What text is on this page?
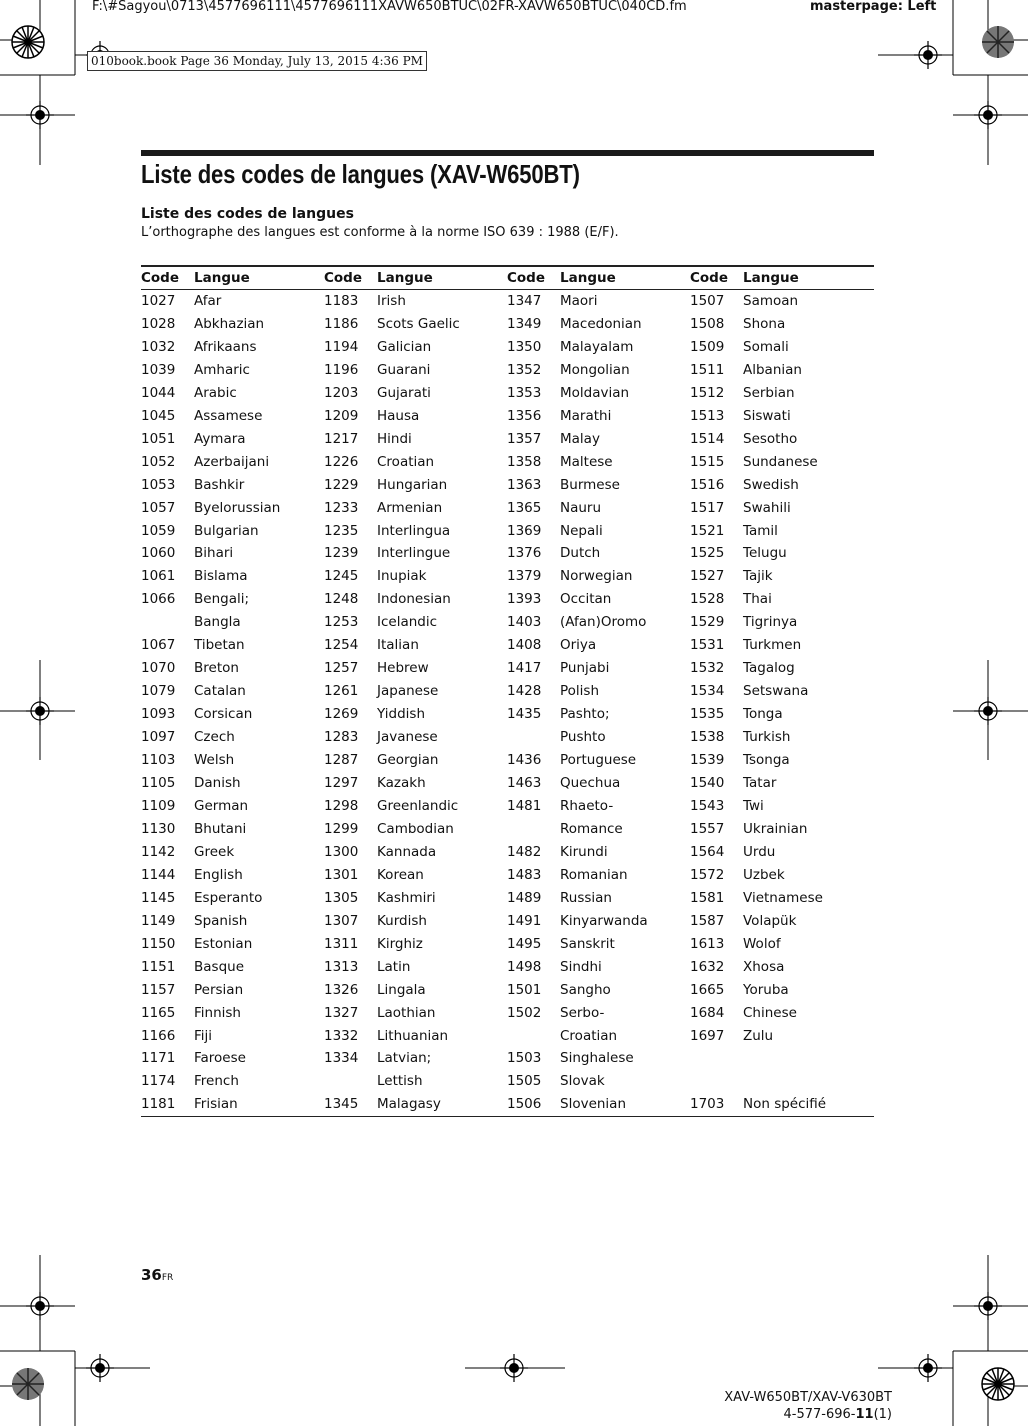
F:\#Sagyou\0713\4577696111\4577696111XAVW650BTUC\02FR-XAVW650BTUC\040CD.fm	masterpage: Left
010book.book Page 36 Monday, July 13, 2015 4:36 PM
Liste des codes de langues (XAV-W650BT)
Liste des codes de langues
L’orthographe des langues est conforme à la norme ISO 639 : 1988 (E/F).
Code	Langue	Code	Langue	Code	Langue	Code	Langue
1027	Afar	1183	Irish	1347	Maori	1507	Samoan
1028	Abkhazian	1186	Scots Gaelic	1349	Macedonian	1508	Shona
1032	Afrikaans	1194	Galician	1350	Malayalam	1509	Somali
1039	Amharic	1196	Guarani	1352	Mongolian	1511	Albanian
1044	Arabic	1203	Gujarati	1353	Moldavian	1512	Serbian
1045	Assamese	1209	Hausa	1356	Marathi	1513	Siswati
1051	Aymara	1217	Hindi	1357	Malay	1514	Sesotho
1052	Azerbaijani	1226	Croatian	1358	Maltese	1515	Sundanese
1053	Bashkir	1229	Hungarian	1363	Burmese	1516	Swedish
1057	Byelorussian	1233	Armenian	1365	Nauru	1517	Swahili
1059	Bulgarian	1235	Interlingua	1369	Nepali	1521	Tamil
1060	Bihari	1239	Interlingue	1376	Dutch	1525	Telugu
1061	Bislama	1245	Inupiak	1379	Norwegian	1527	Tajik
1066	Bengali;	1248	Indonesian	1393	Occitan	1528	Thai
	Bangla	1253	Icelandic	1403	(Afan)Oromo	1529	Tigrinya
1067	Tibetan	1254	Italian	1408	Oriya	1531	Turkmen
1070	Breton	1257	Hebrew	1417	Punjabi	1532	Tagalog
1079	Catalan	1261	Japanese	1428	Polish	1534	Setswana
1093	Corsican	1269	Yiddish	1435	Pashto;	1535	Tonga
1097	Czech	1283	Javanese		Pushto	1538	Turkish
1103	Welsh	1287	Georgian	1436	Portuguese	1539	Tsonga
1105	Danish	1297	Kazakh	1463	Quechua	1540	Tatar
1109	German	1298	Greenlandic	1481	Rhaeto-	1543	Twi
1130	Bhutani	1299	Cambodian		Romance	1557	Ukrainian
1142	Greek	1300	Kannada	1482	Kirundi	1564	Urdu
1144	English	1301	Korean	1483	Romanian	1572	Uzbek
1145	Esperanto	1305	Kashmiri	1489	Russian	1581	Vietnamese
1149	Spanish	1307	Kurdish	1491	Kinyarwanda	1587	Volapük
1150	Estonian	1311	Kirghiz	1495	Sanskrit	1613	Wolof
1151	Basque	1313	Latin	1498	Sindhi	1632	Xhosa
1157	Persian	1326	Lingala	1501	Sangho	1665	Yoruba
1165	Finnish	1327	Laothian	1502	Serbo-	1684	Chinese
1166	Fiji	1332	Lithuanian		Croatian	1697	Zulu
1171	Faroese	1334	Latvian;	1503	Singhalese		
1174	French		Lettish	1505	Slovak		
1181	Frisian	1345	Malagasy	1506	Slovenian	1703	Non spécifié
36FR
XAV-W650BT/XAV-V630BT
4-577-696-11(1)
